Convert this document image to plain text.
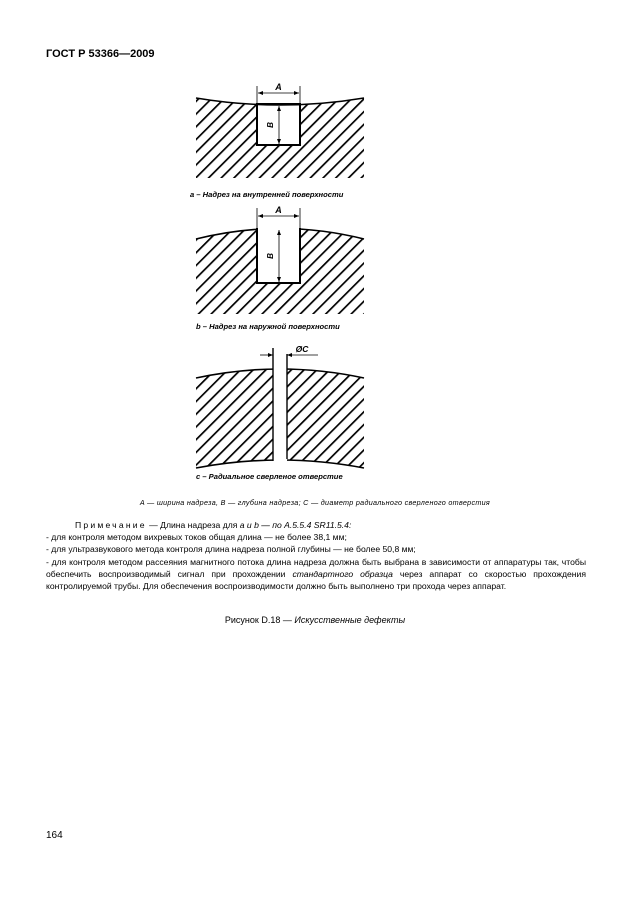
ГОСТ Р 53366—2009
A
B
a – Надрез на внутренней поверхности
A
B
b – Надрез на наружной поверхности
ØC
c – Радиальное сверленое отверстие
A — ширина надреза, B — глубина надреза; C — диаметр радиального сверленого отверстия

Примечание — Длина надреза для a и b — по A.5.5.4 SR11.5.4:

- для контроля методом вихревых токов общая длина — не более 38,1 мм;

- для ультразвукового метода контроля длина надреза полной глубины — не более 50,8 мм;

- для контроля методом рассеяния магнитного потока длина надреза должна быть выбрана в зависимости от аппаратуры так, чтобы обеспечить воспроизводимый сигнал при прохождении стандартного образца через аппарат со скоростью прохождения контролируемой трубы. Для обеспечения воспроизводимости должно быть выполнено три прохода через аппарат.

Рисунок D.18 — Искусственные дефекты
164
